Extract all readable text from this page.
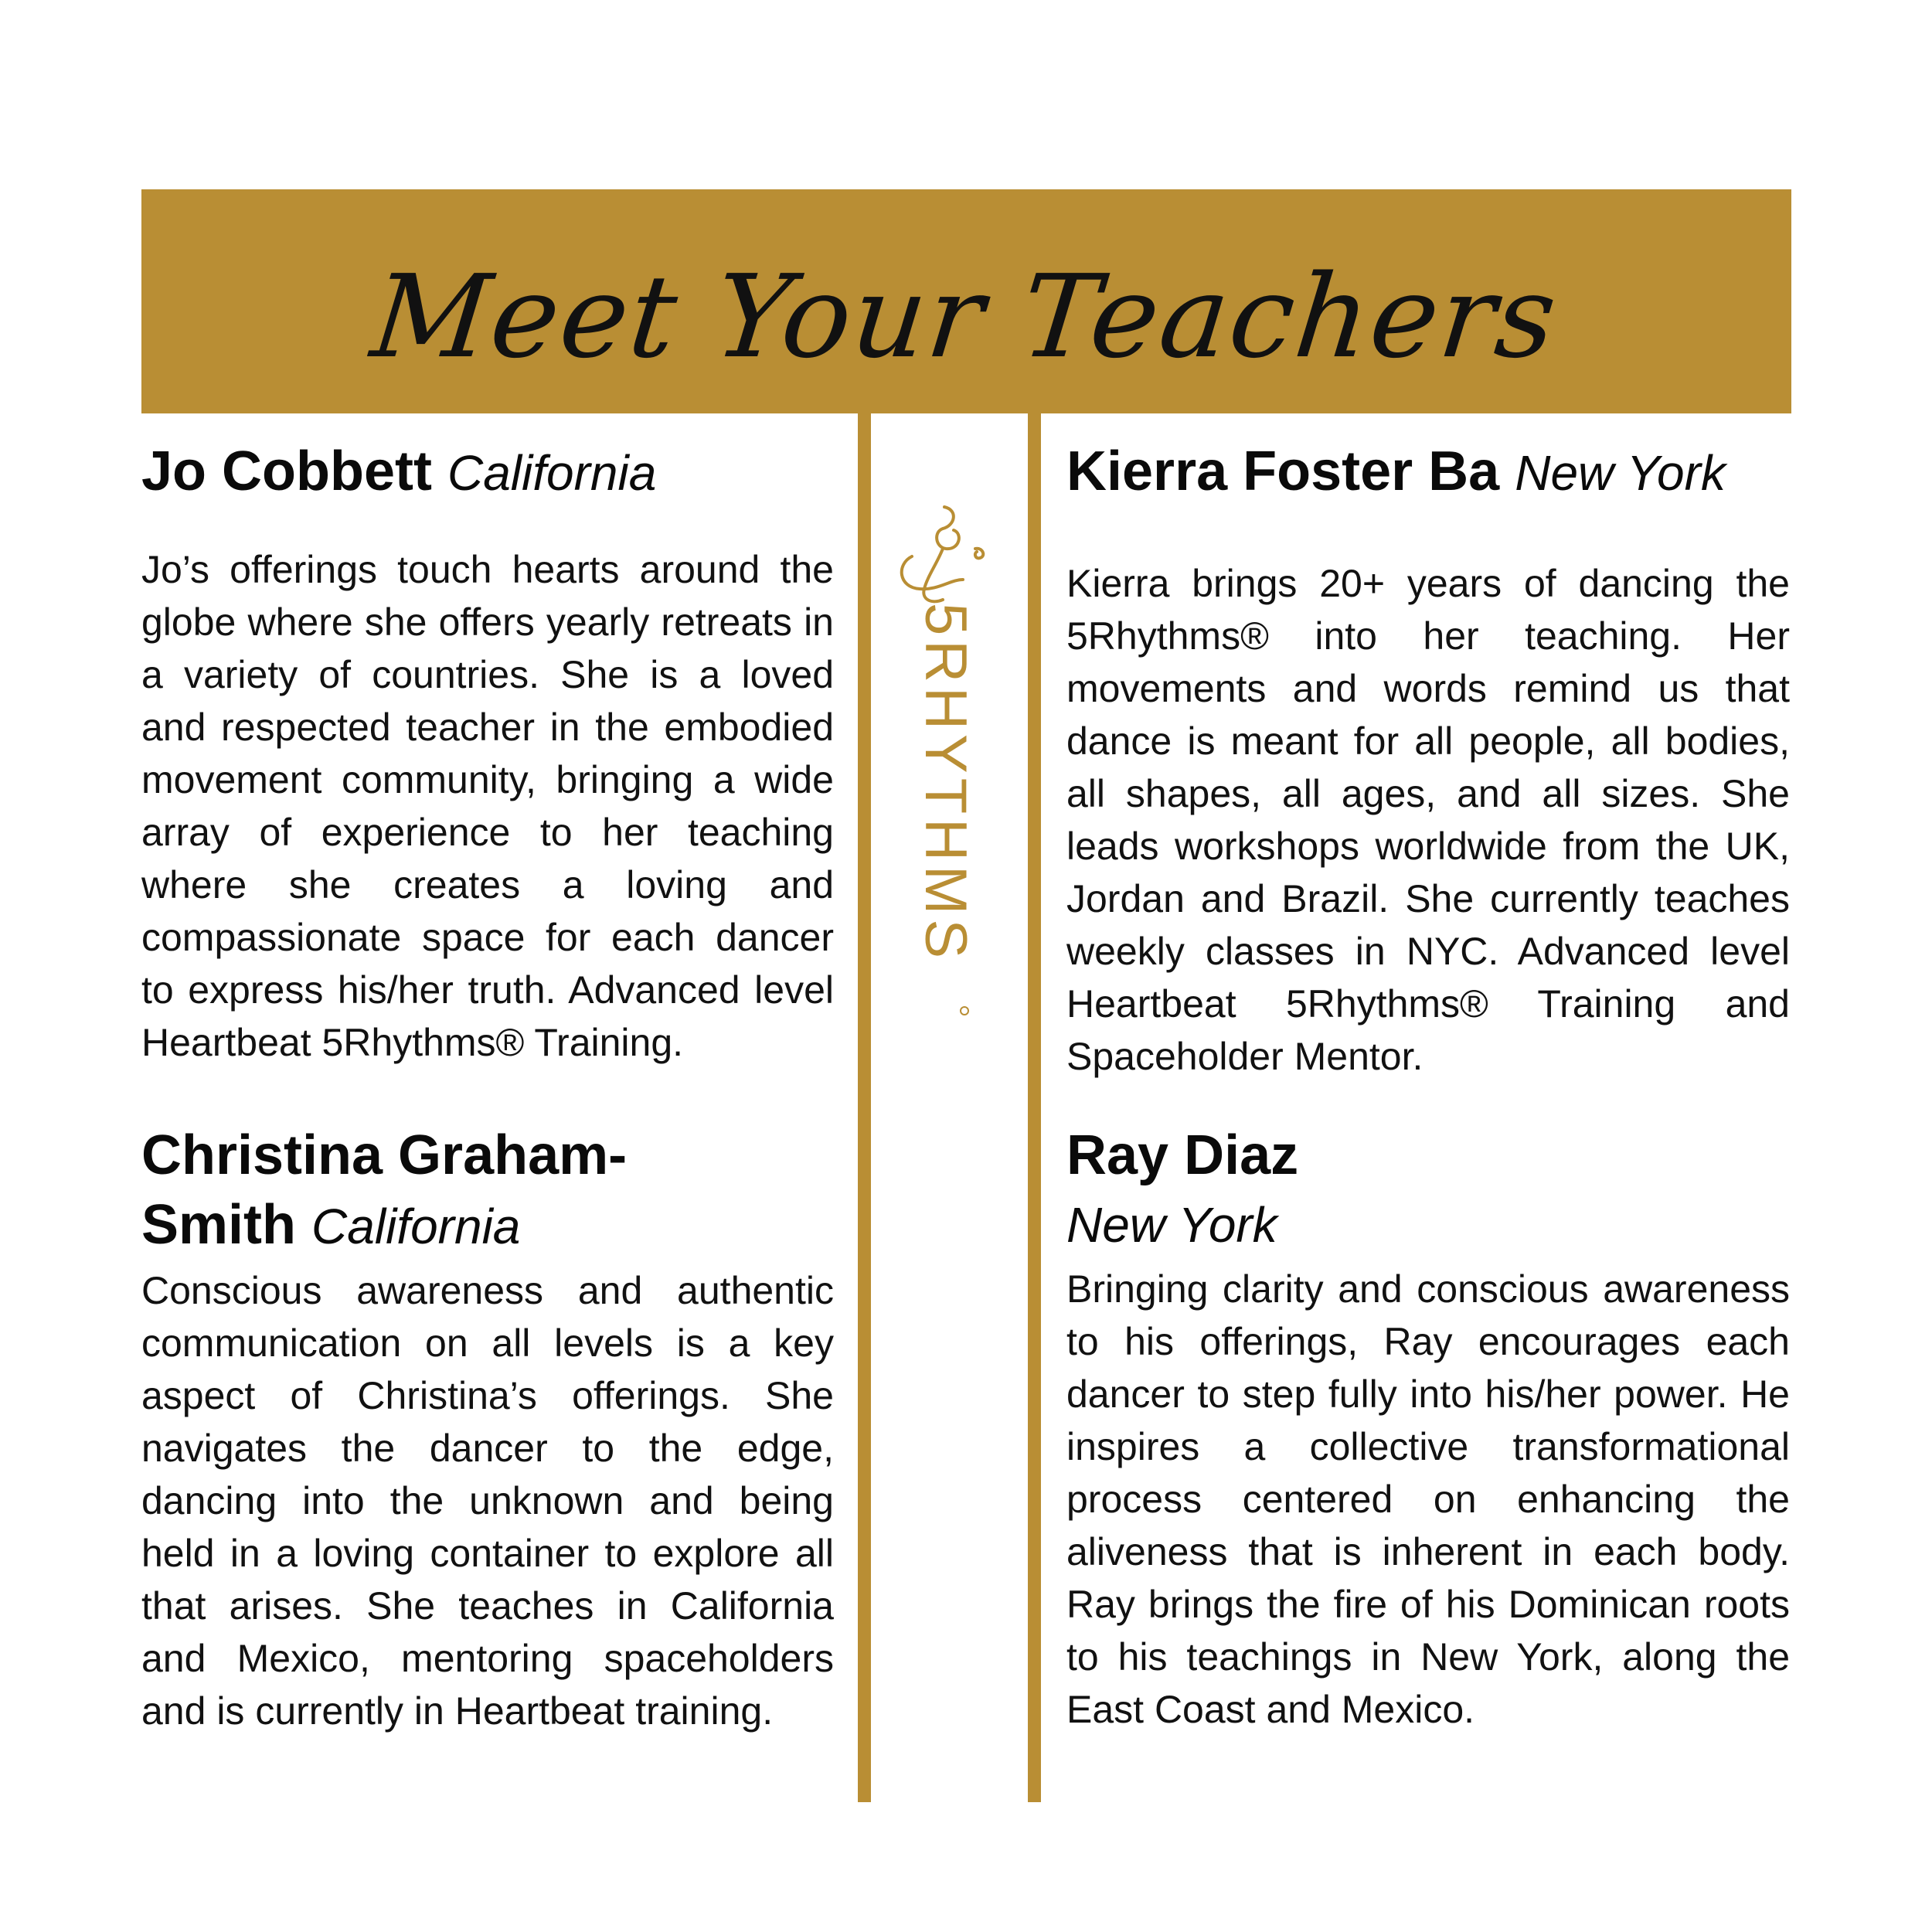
Meet Your Teachers
5RHYTHMS

Jo Cobbett California

Jo’s offerings touch hearts around the globe where she offers yearly retreats in a variety of countries. She is a loved and respected teacher in the embodied movement community, bringing a wide array of experience to her teaching where she creates a loving and compassionate space for each dancer to express his/her truth. Advanced level Heartbeat 5Rhythms® Training.

Kierra Foster Ba New York

Kierra brings 20+ years of dancing the 5Rhythms® into her teaching. Her movements and words remind us that dance is meant for all people, all bodies, all shapes, all ages, and all sizes. She leads workshops worldwide from the UK, Jordan and Brazil. She currently teaches weekly classes in NYC. Advanced level Heartbeat 5Rhythms® Training and Spaceholder Mentor.

Christina Graham-Smith California

Conscious awareness and authentic communication on all levels is a key aspect of Christina’s offerings. She navigates the dancer to the edge, dancing into the unknown and being held in a loving container to explore all that arises. She teaches in California and Mexico, mentoring spaceholders and is currently in Heartbeat training.

Ray Diaz

New York

Bringing clarity and conscious awareness to his offerings, Ray encourages each dancer to step fully into his/her power. He inspires a collective transformational process centered on enhancing the aliveness that is inherent in each body. Ray brings the fire of his Dominican roots to his teachings in New York, along the East Coast and Mexico.
